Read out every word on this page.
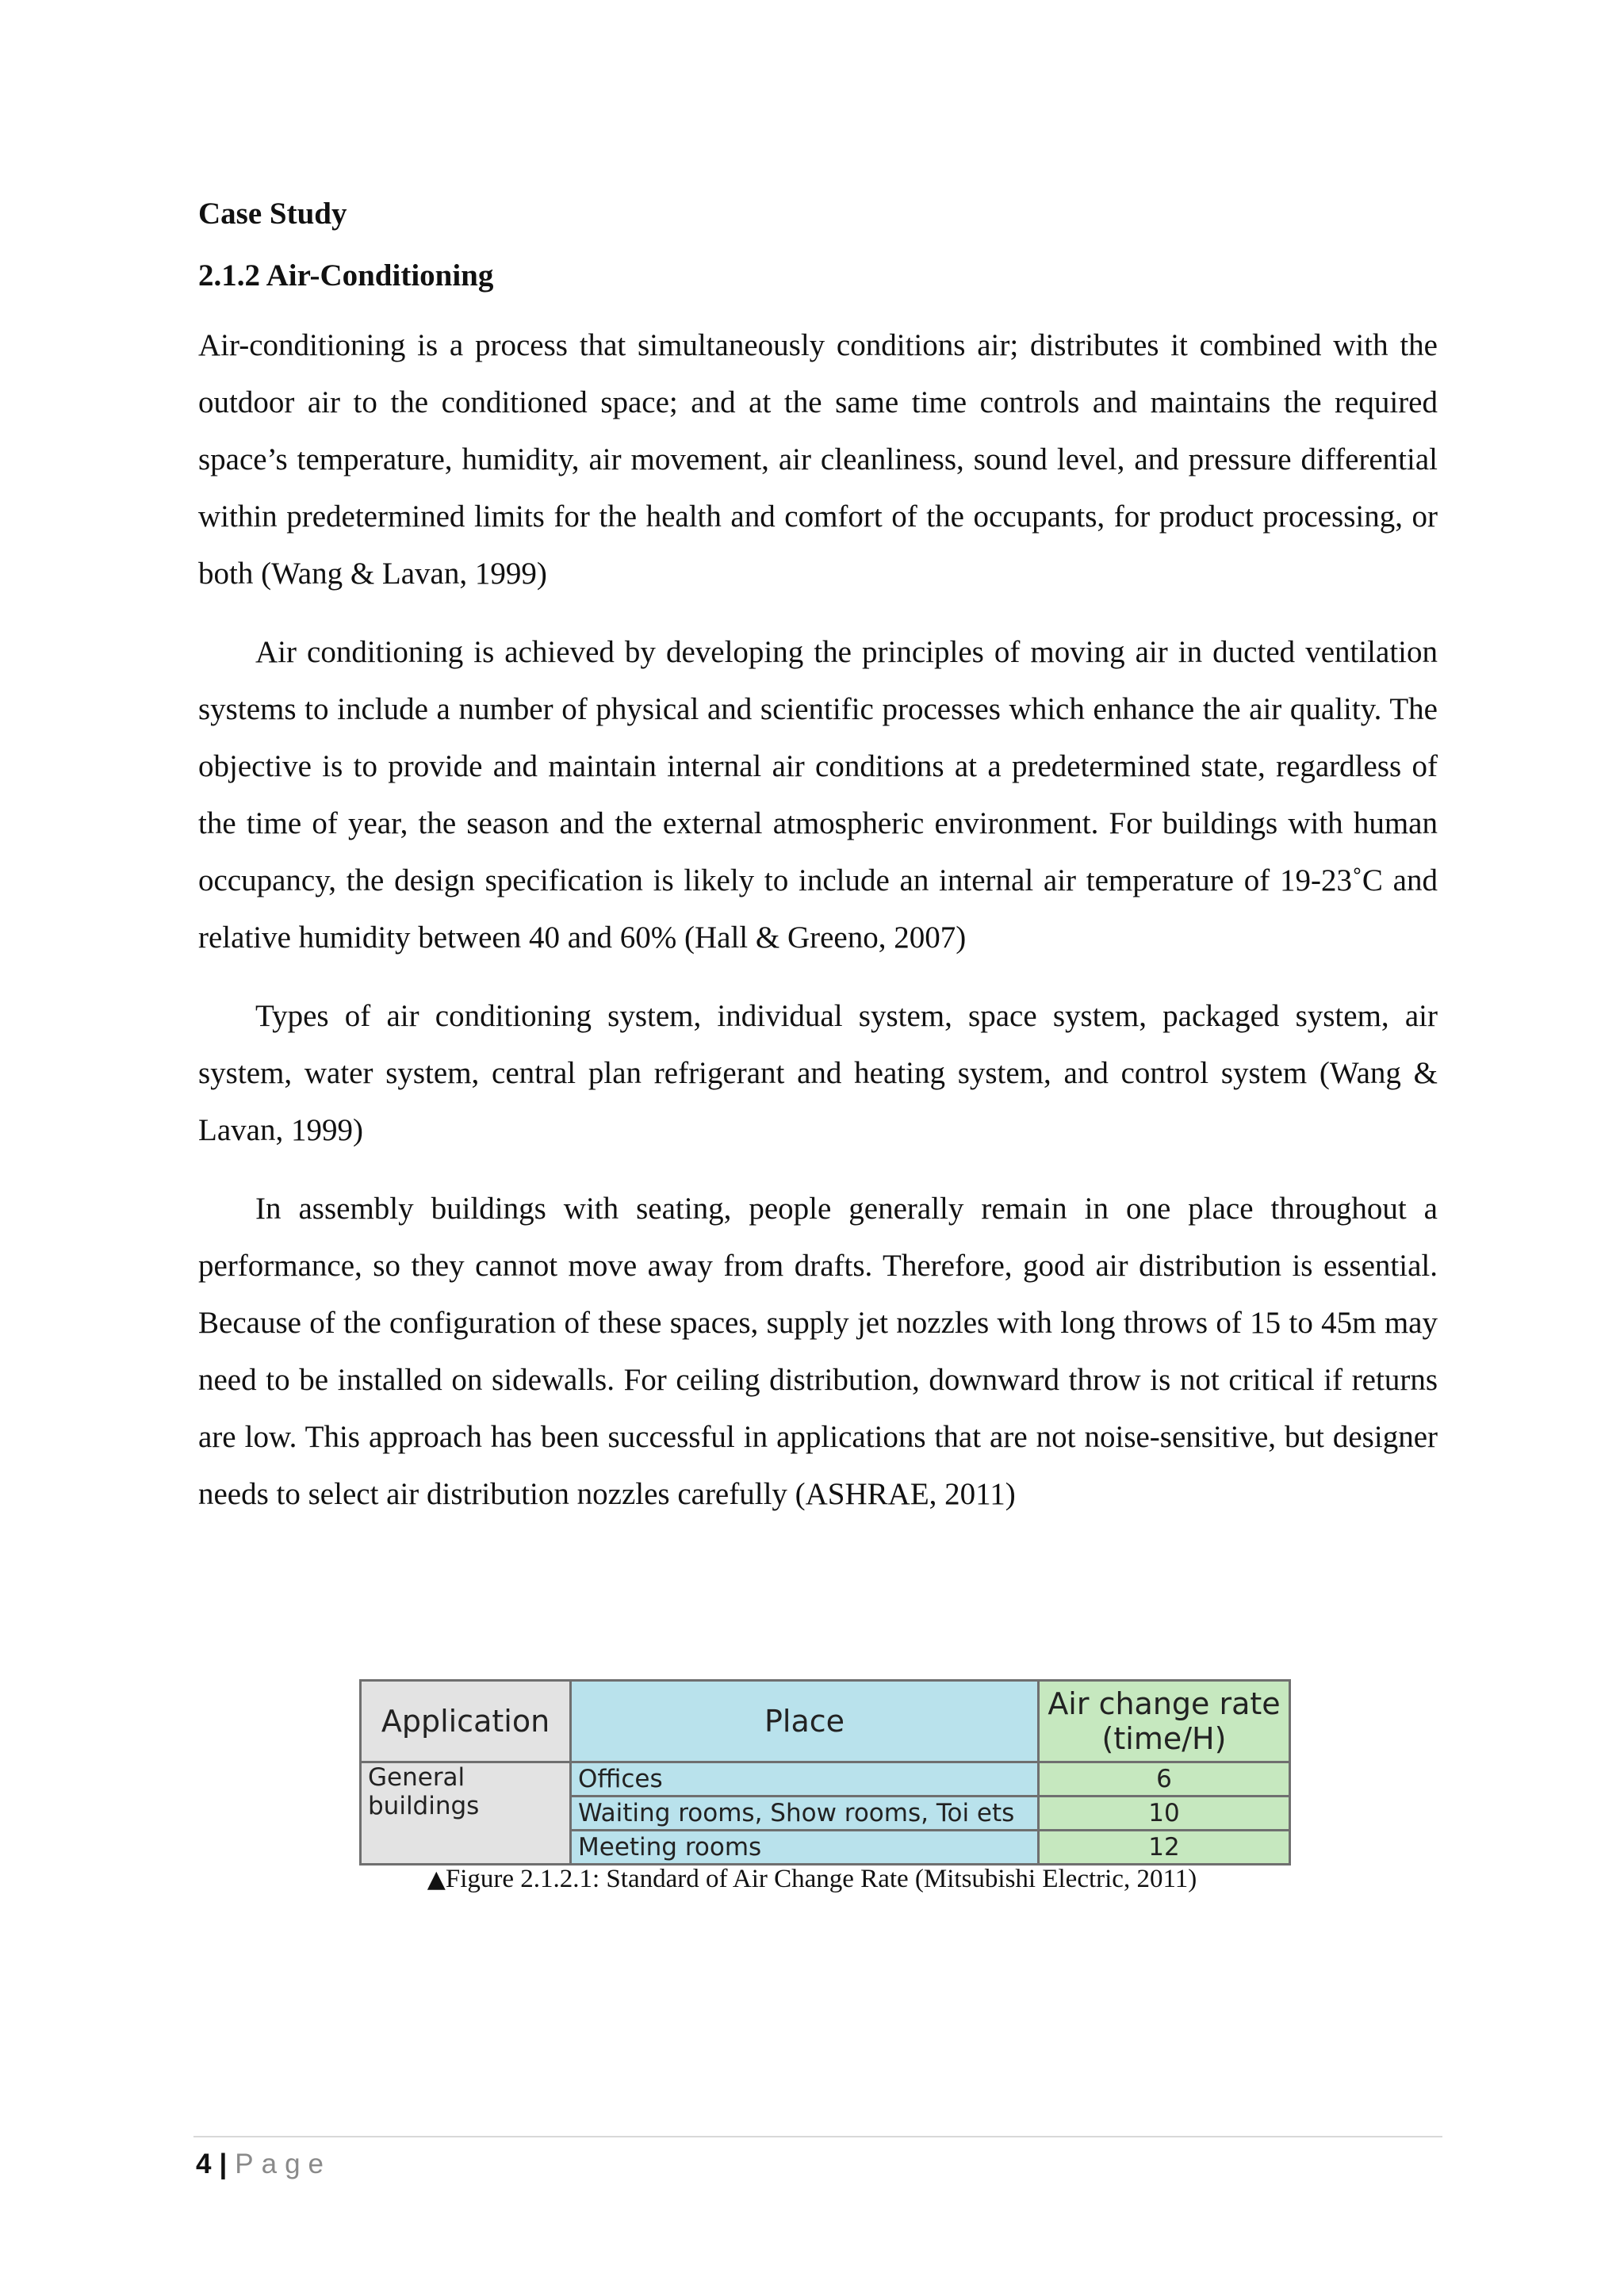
Case Study
2.1.2 Air-Conditioning

Air-conditioning is a process that simultaneously conditions air; distributes it combined with the outdoor air to the conditioned space; and at the same time controls and maintains the required space’s temperature, humidity, air movement, air cleanliness, sound level, and pressure differential within predetermined limits for the health and comfort of the occupants, for product processing, or both (Wang & Lavan, 1999)

Air conditioning is achieved by developing the principles of moving air in ducted ventilation systems to include a number of physical and scientific processes which enhance the air quality. The objective is to provide and maintain internal air conditions at a predetermined state, regardless of the time of year, the season and the external atmospheric environment. For buildings with human occupancy, the design specification is likely to include an internal air temperature of 19-23˚C and relative humidity between 40 and 60% (Hall & Greeno, 2007)

Types of air conditioning system, individual system, space system, packaged system, air system, water system, central plan refrigerant and heating system, and control system (Wang & Lavan, 1999)

In assembly buildings with seating, people generally remain in one place throughout a performance, so they cannot move away from drafts. Therefore, good air distribution is essential. Because of the configuration of these spaces, supply jet nozzles with long throws of 15 to 45m may need to be installed on sidewalls. For ceiling distribution, downward throw is not critical if returns are low. This approach has been successful in applications that are not noise-sensitive, but designer needs to select air distribution nozzles carefully (ASHRAE, 2011)

Application	Place	Air change rate
(time/H)
General buildings	Offices	6
	Waiting rooms, Show rooms, Toi ets	10
	Meeting rooms	12
▲Figure 2.1.2.1: Standard of Air Change Rate (Mitsubishi Electric, 2011)
4 | Page
